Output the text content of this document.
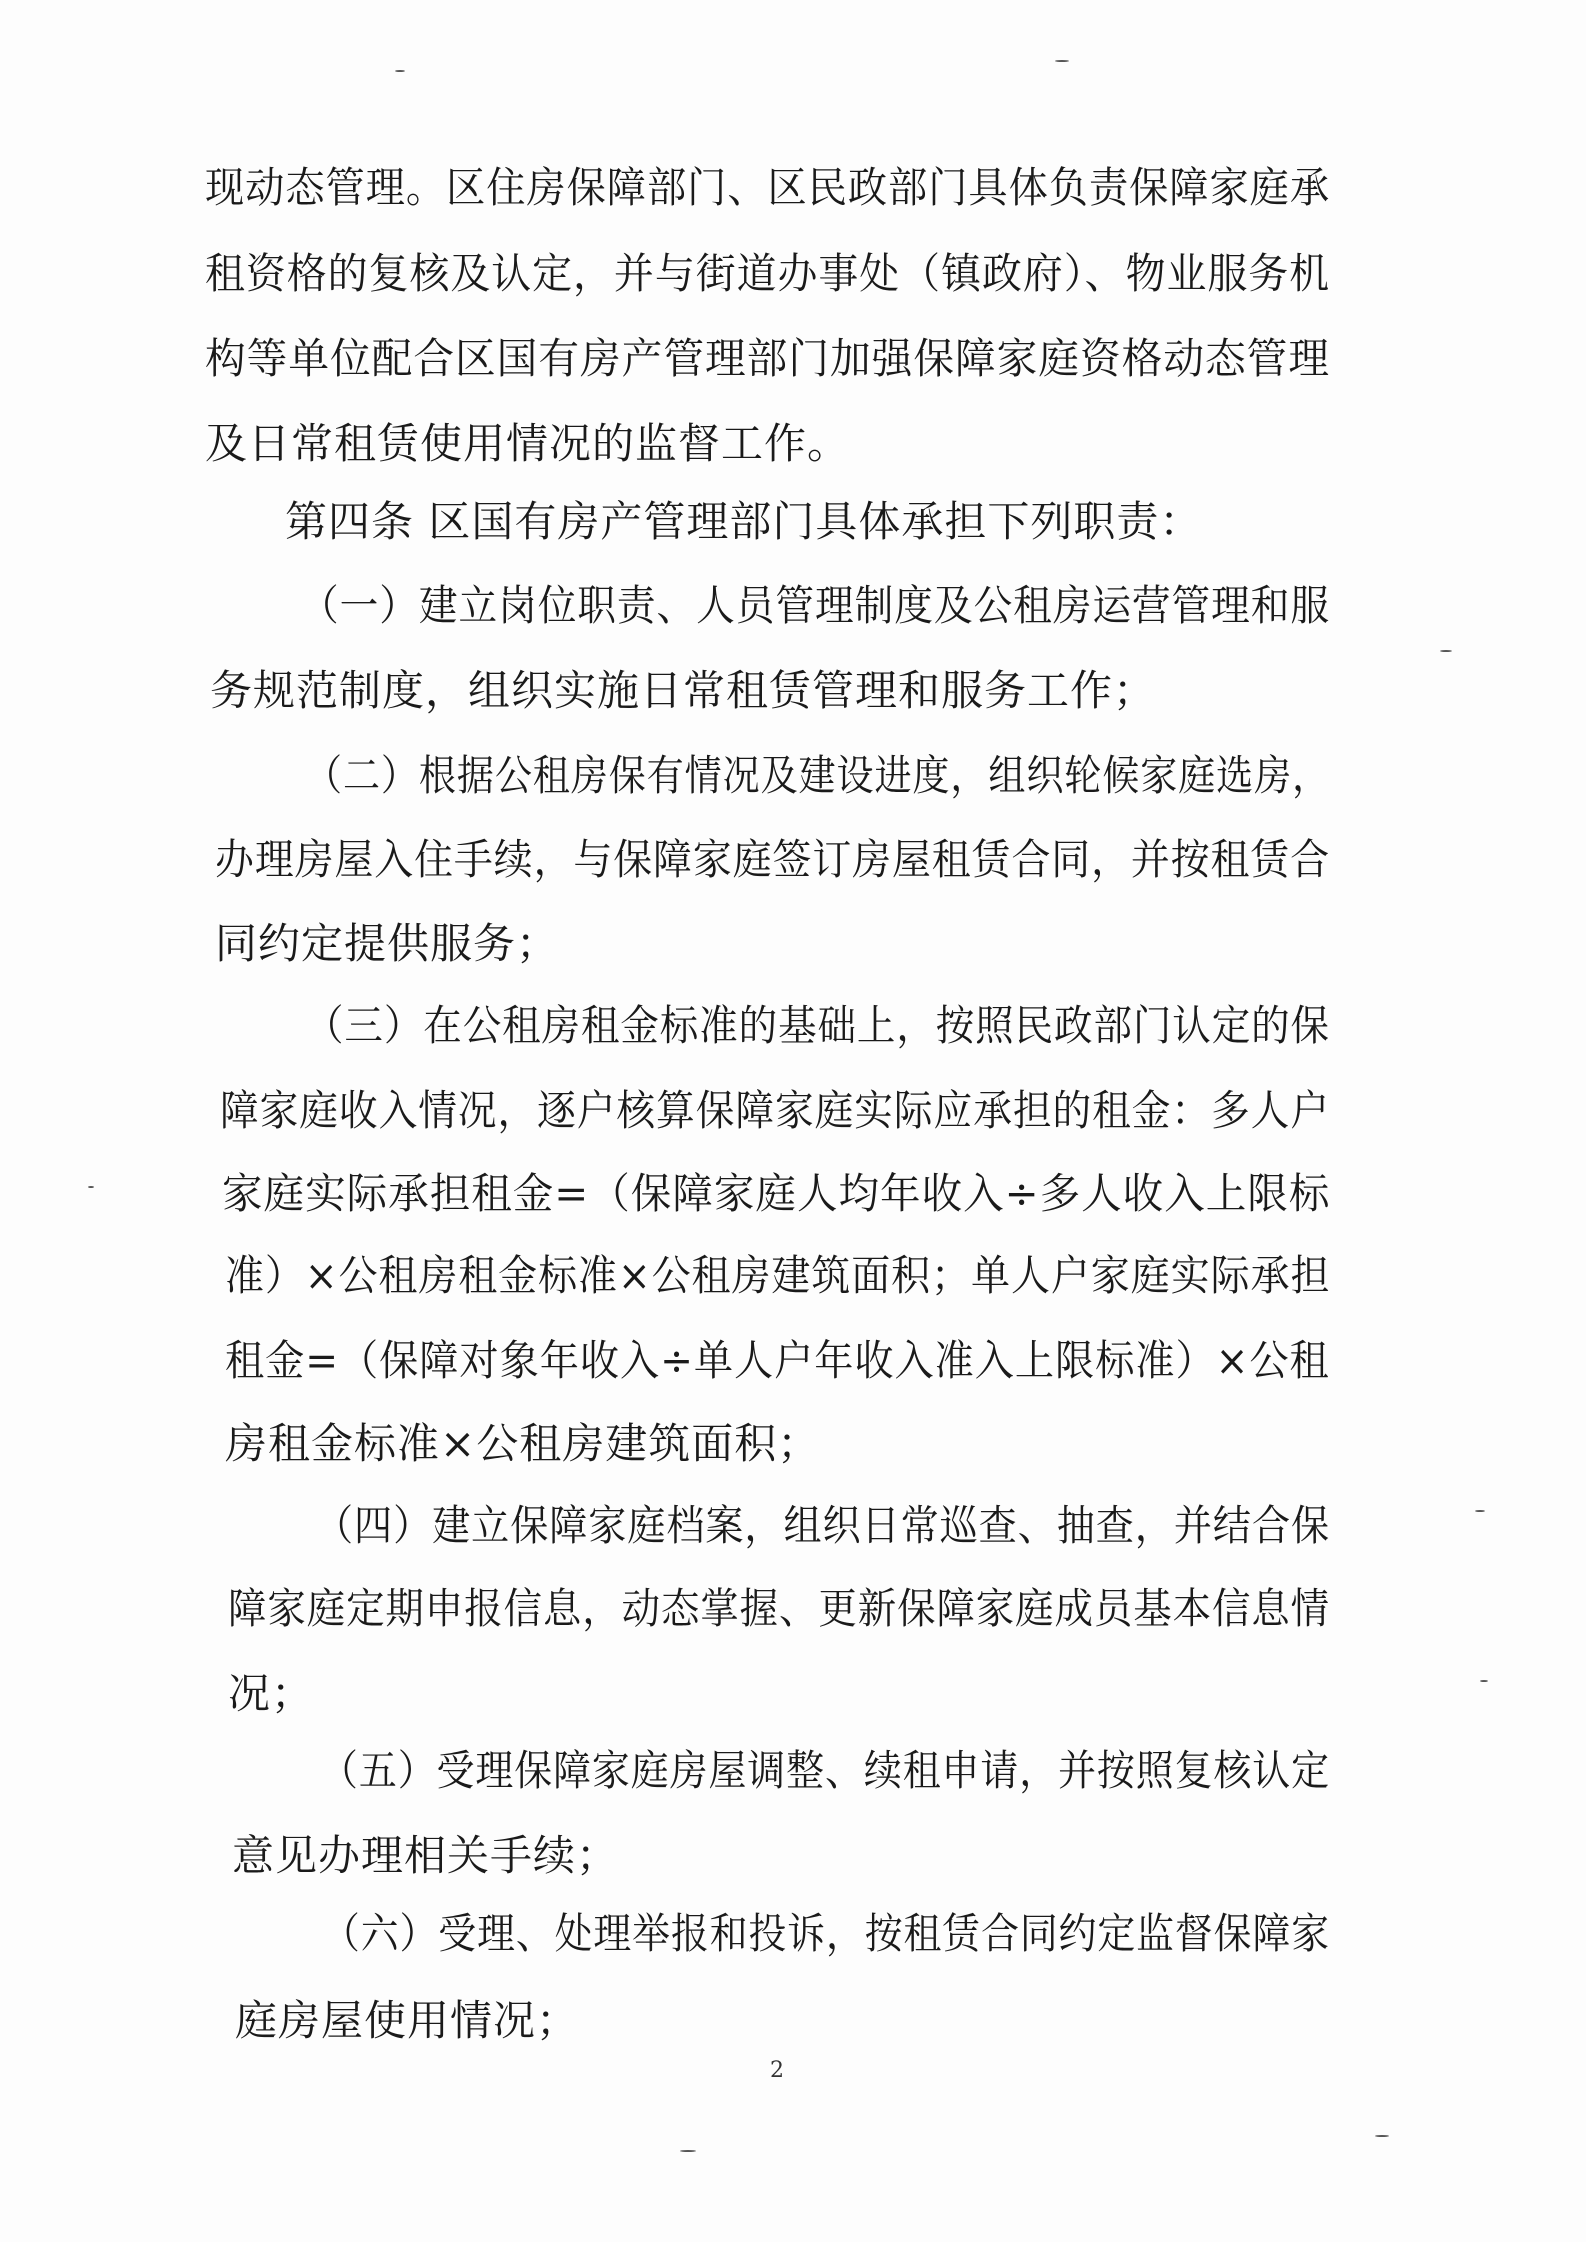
现动态管理。区住房保障部门、区民政部门具体负责保障家庭承
租资格的复核及认定，并与街道办事处（镇政府）、物业服务机
构等单位配合区国有房产管理部门加强保障家庭资格动态管理
及日常租赁使用情况的监督工作。
第四条 区国有房产管理部门具体承担下列职责：
（一）建立岗位职责、人员管理制度及公租房运营管理和服
务规范制度，组织实施日常租赁管理和服务工作；
（二）根据公租房保有情况及建设进度，组织轮候家庭选房，
办理房屋入住手续，与保障家庭签订房屋租赁合同，并按租赁合
同约定提供服务；
（三）在公租房租金标准的基础上，按照民政部门认定的保
障家庭收入情况，逐户核算保障家庭实际应承担的租金：多人户
家庭实际承担租金=（保障家庭人均年收入÷多人收入上限标
准）×公租房租金标准×公租房建筑面积；单人户家庭实际承担
租金=（保障对象年收入÷单人户年收入准入上限标准）×公租
房租金标准×公租房建筑面积；
（四）建立保障家庭档案，组织日常巡查、抽查，并结合保
障家庭定期申报信息，动态掌握、更新保障家庭成员基本信息情
况；
（五）受理保障家庭房屋调整、续租申请，并按照复核认定
意见办理相关手续；
（六）受理、处理举报和投诉，按租赁合同约定监督保障家
庭房屋使用情况；
2
